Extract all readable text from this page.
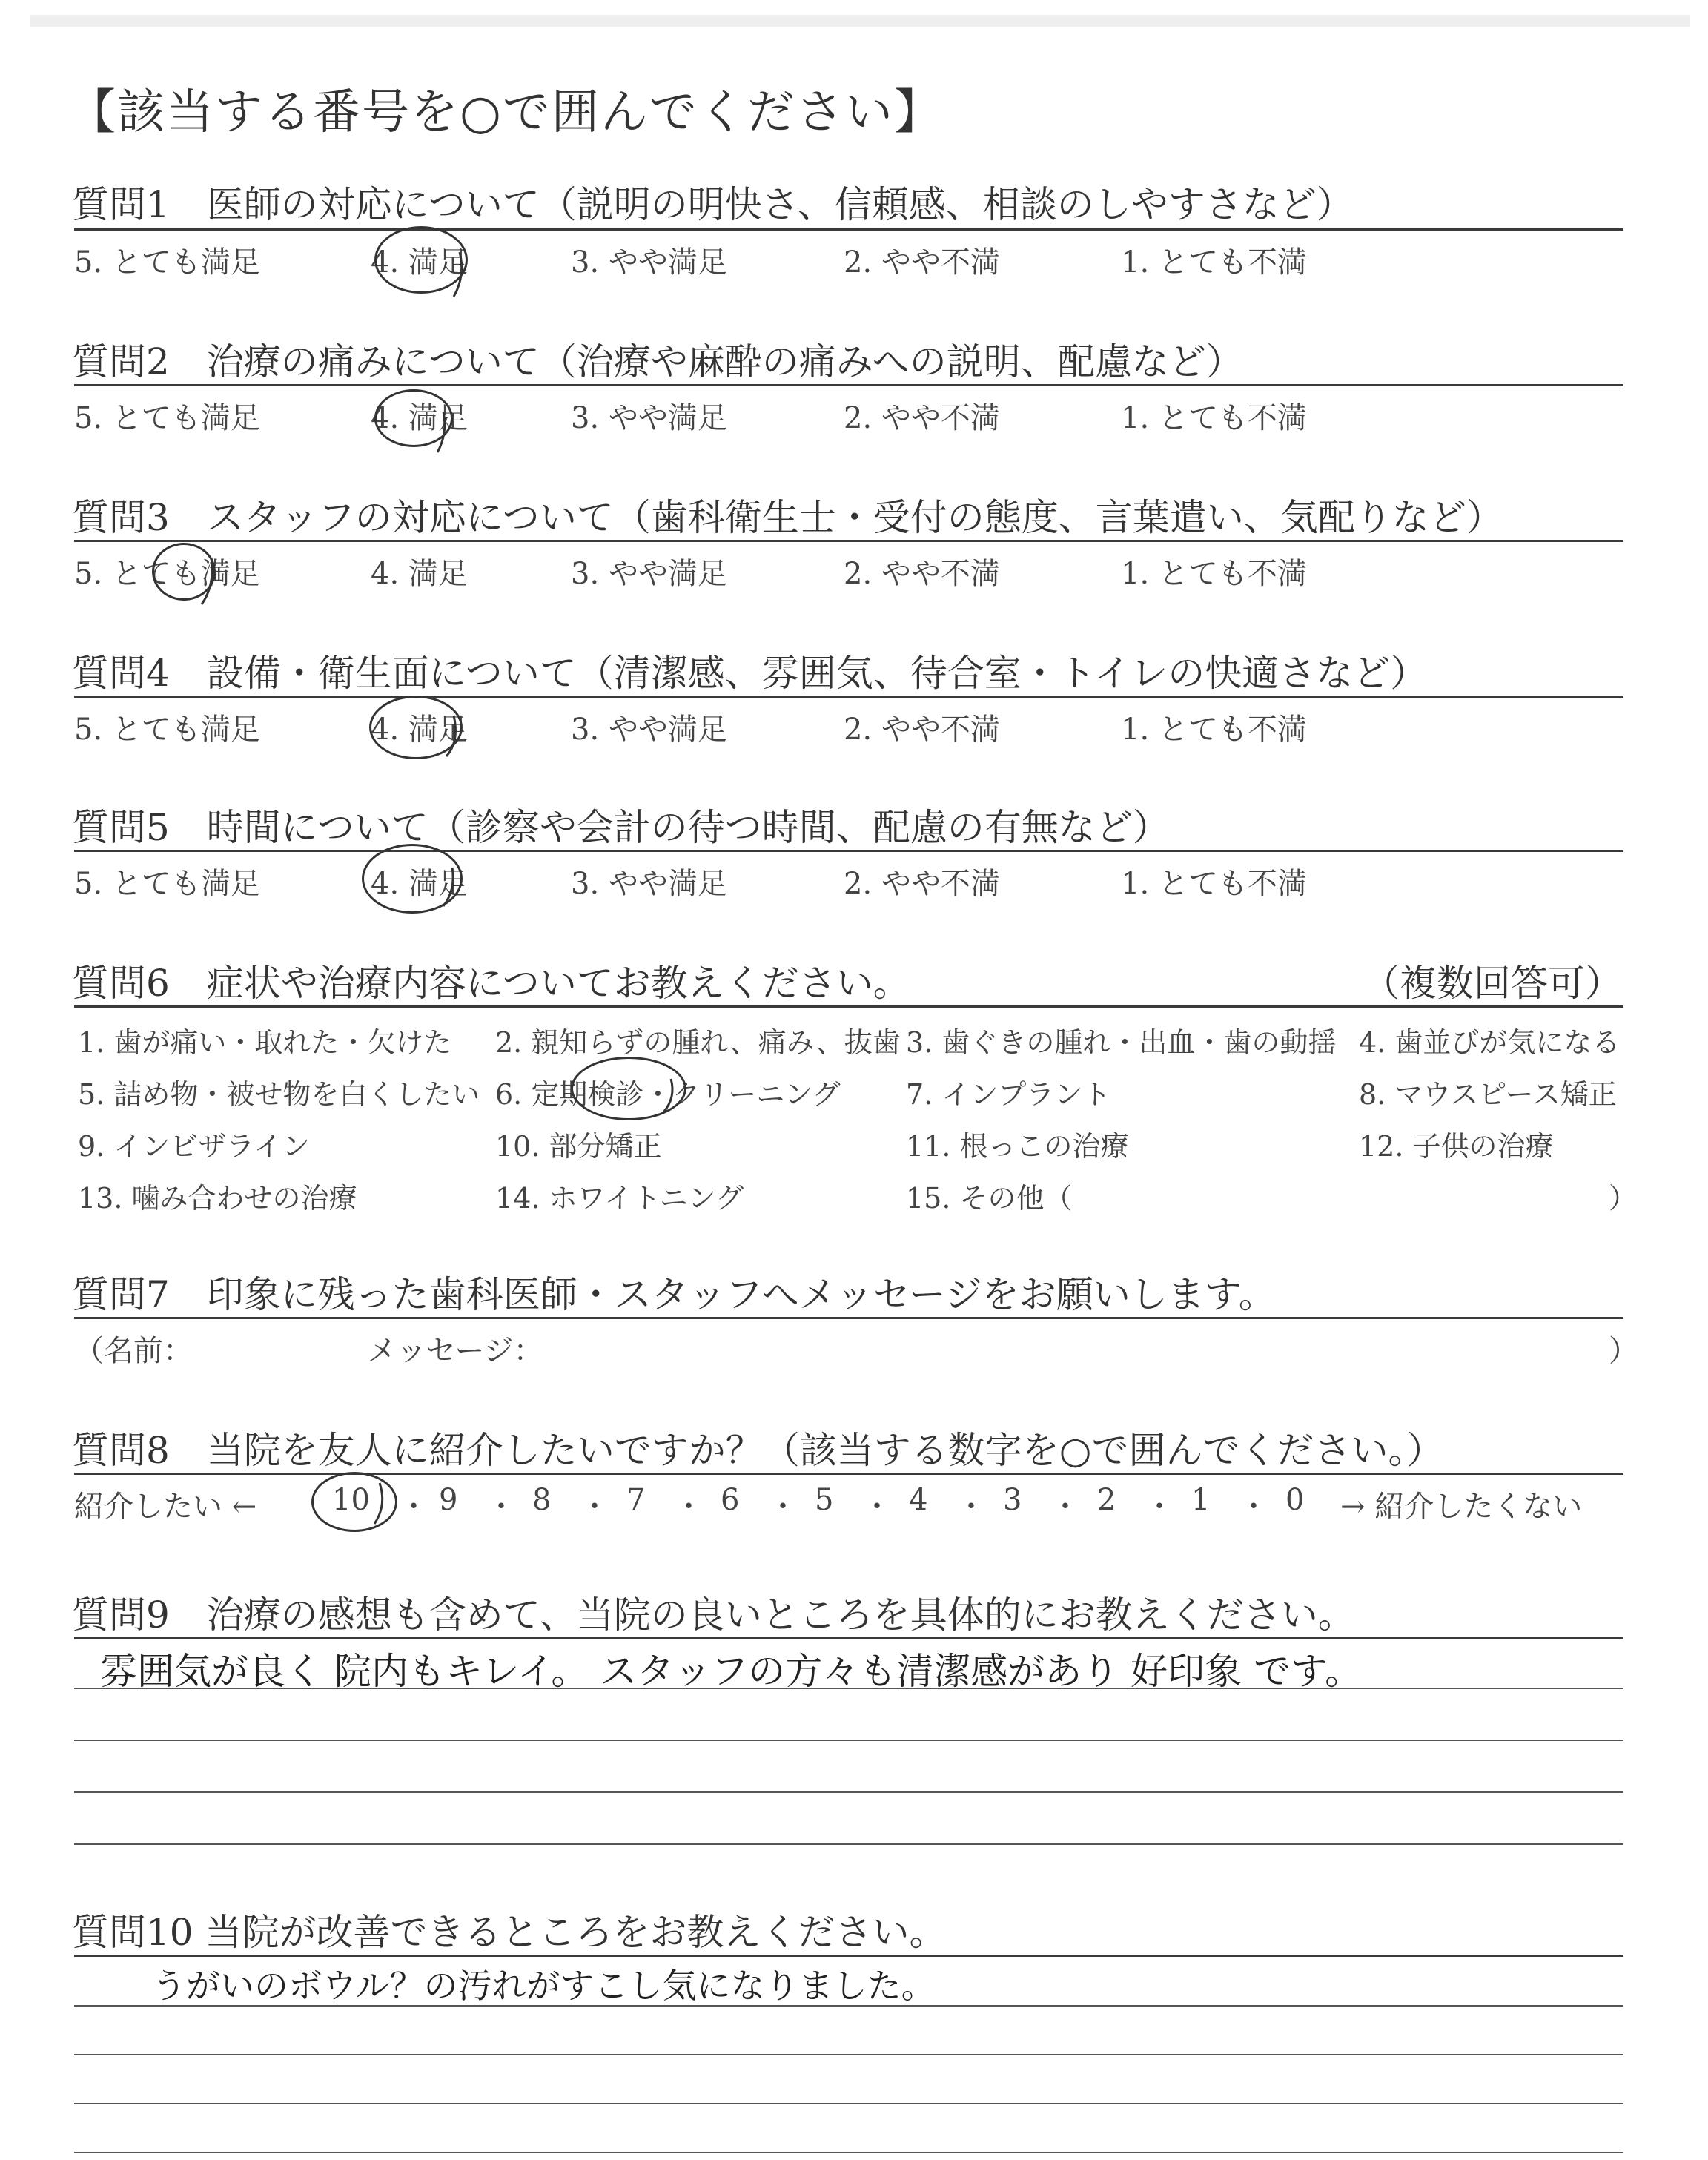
【該当する番号を○で囲んでください】
質問1　医師の対応について（説明の明快さ、信頼感、相談のしやすさなど）
5. とても満足	4. 満足	3. やや満足	2. やや不満	1. とても不満
質問2　治療の痛みについて（治療や麻酔の痛みへの説明、配慮など）
5. とても満足	4. 満足	3. やや満足	2. やや不満	1. とても不満
質問3　スタッフの対応について（歯科衛生士・受付の態度、言葉遣い、気配りなど）
5. とても満足	4. 満足	3. やや満足	2. やや不満	1. とても不満
質問4　設備・衛生面について（清潔感、雰囲気、待合室・トイレの快適さなど）
5. とても満足	4. 満足	3. やや満足	2. やや不満	1. とても不満
質問5　時間について（診察や会計の待つ時間、配慮の有無など）
5. とても満足	4. 満足	3. やや満足	2. やや不満	1. とても不満
質問6　症状や治療内容についてお教えください。	（複数回答可）
1. 歯が痛い・取れた・欠けた 2. 親知らずの腫れ、痛み、抜歯 3. 歯ぐきの腫れ・出血・歯の動揺 4. 歯並びが気になる
5. 詰め物・被せ物を白くしたい 6. 定期検診・クリーニング 7. インプラント	8. マウスピース矯正
9. インビザライン	10. 部分矯正	11. 根っこの治療	12. 子供の治療
13. 噛み合わせの治療	14. ホワイトニング	15. その他（	）
質問7　印象に残った歯科医師・スタッフへメッセージをお願いします。
（名前：	メッセージ：	）
質問8　当院を友人に紹介したいですか？（該当する数字を○で囲んでください。）
紹介したい ←	10 ・ 9 ・ 8 ・ 7 ・ 6 ・ 5 ・ 4 ・ 3 ・ 2 ・ 1 ・ 0 → 紹介したくない
質問9　治療の感想も含めて、当院の良いところを具体的にお教えください。
雰囲気が良く 院内もキレイ。 スタッフの方々も清潔感があり 好印象 です。
質問10 当院が改善できるところをお教えください。
うがいのボウル？の汚れがすこし気になりました。
